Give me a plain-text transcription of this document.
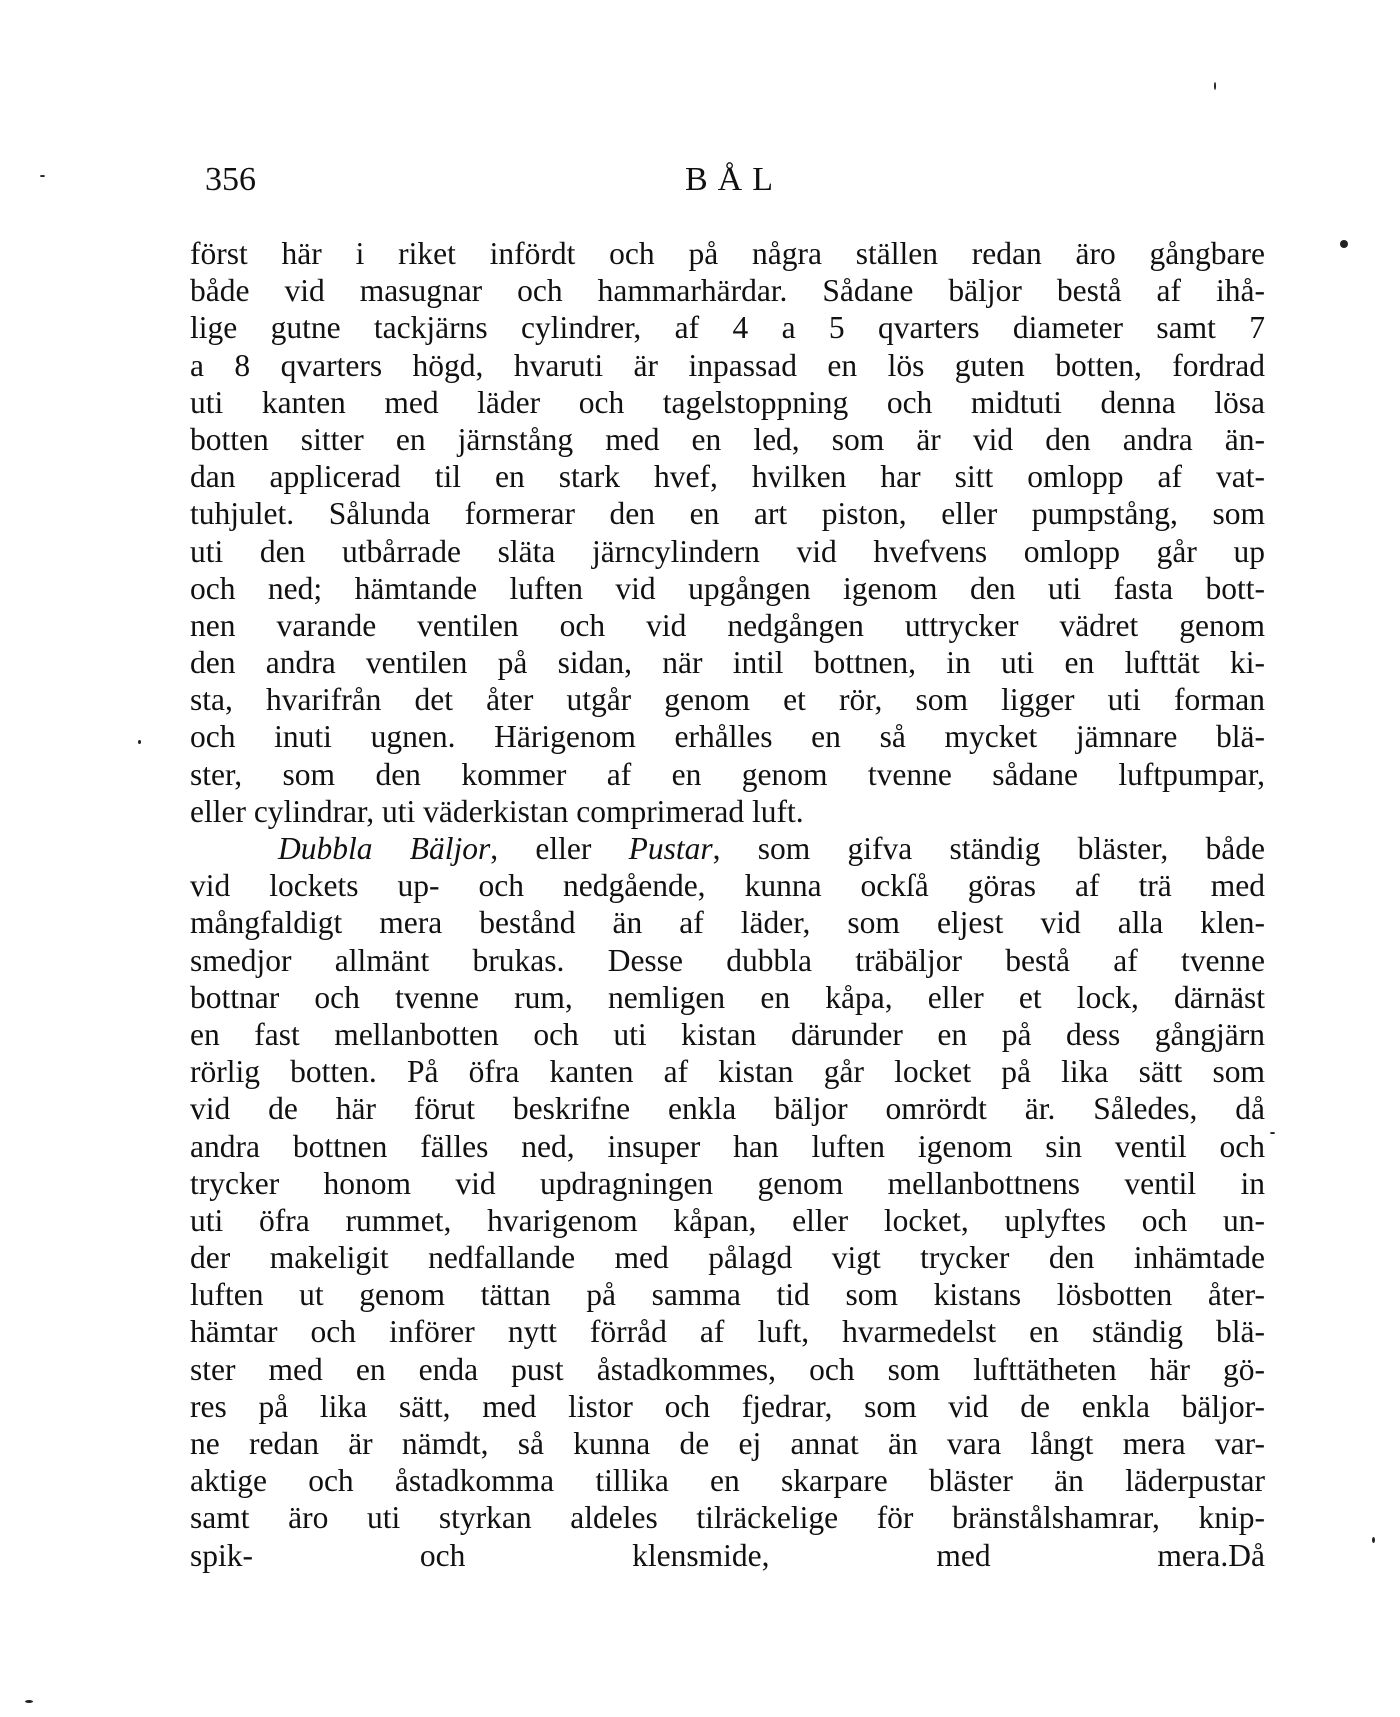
356	BÅL
först här i riket infördt och på några ställen redan äro gångbare
både vid masugnar och hammarhärdar. Sådane bäljor bestå af ihå-
lige gutne tackjärns cylindrer, af 4 a 5 qvarters diameter samt 7
a 8 qvarters högd, hvaruti är inpassad en lös guten botten, fordrad
uti kanten med läder och tagelstoppning och midtuti denna lösa
botten sitter en järnstång med en led, som är vid den andra än-
dan applicerad til en stark hvef, hvilken har sitt omlopp af vat-
tuhjulet. Sålunda formerar den en art piston, eller pumpstång, som
uti den utbårrade släta järncylindern vid hvefvens omlopp går up
och ned; hämtande luften vid upgången igenom den uti fasta bott-
nen varande ventilen och vid nedgången uttrycker vädret genom
den andra ventilen på sidan, när intil bottnen, in uti en lufttät ki-
sta, hvarifrån det åter utgår genom et rör, som ligger uti forman
och inuti ugnen. Härigenom erhålles en så mycket jämnare blä-
ster, som den kommer af en genom tvenne sådane luftpumpar,
eller cylindrar, uti väderkistan comprimerad luft.
Dubbla Bäljor, eller Pustar, som gifva ständig bläster, både
vid lockets up- och nedgående, kunna ockſå göras af trä med
mångfaldigt mera bestånd än af läder, som eljest vid alla klen-
smedjor allmänt brukas. Desse dubbla träbäljor bestå af tvenne
bottnar och tvenne rum, nemligen en kåpa, eller et lock, därnäst
en fast mellanbotten och uti kistan därunder en på dess gångjärn
rörlig botten. På öfra kanten af kistan går locket på lika sätt som
vid de här förut beskrifne enkla bäljor omrördt är. Således, då
andra bottnen fälles ned, insuper han luften igenom sin ventil och
trycker honom vid updragningen genom mellanbottnens ventil in
uti öfra rummet, hvarigenom kåpan, eller locket, uplyftes och un-
der makeligit nedfallande med pålagd vigt trycker den inhämtade
luften ut genom tättan på samma tid som kistans lösbotten åter-
hämtar och införer nytt förråd af luft, hvarmedelst en ständig blä-
ster med en enda pust åstadkommes, och som lufttätheten här gö-
res på lika sätt, med listor och fjedrar, som vid de enkla bäljor-
ne redan är nämdt, så kunna de ej annat än vara långt mera var-
aktige och åstadkomma tillika en skarpare bläster än läderpustar
samt äro uti styrkan aldeles tilräckelige för bränstålshamrar, knip-
spik- och klensmide, med mera.Då
